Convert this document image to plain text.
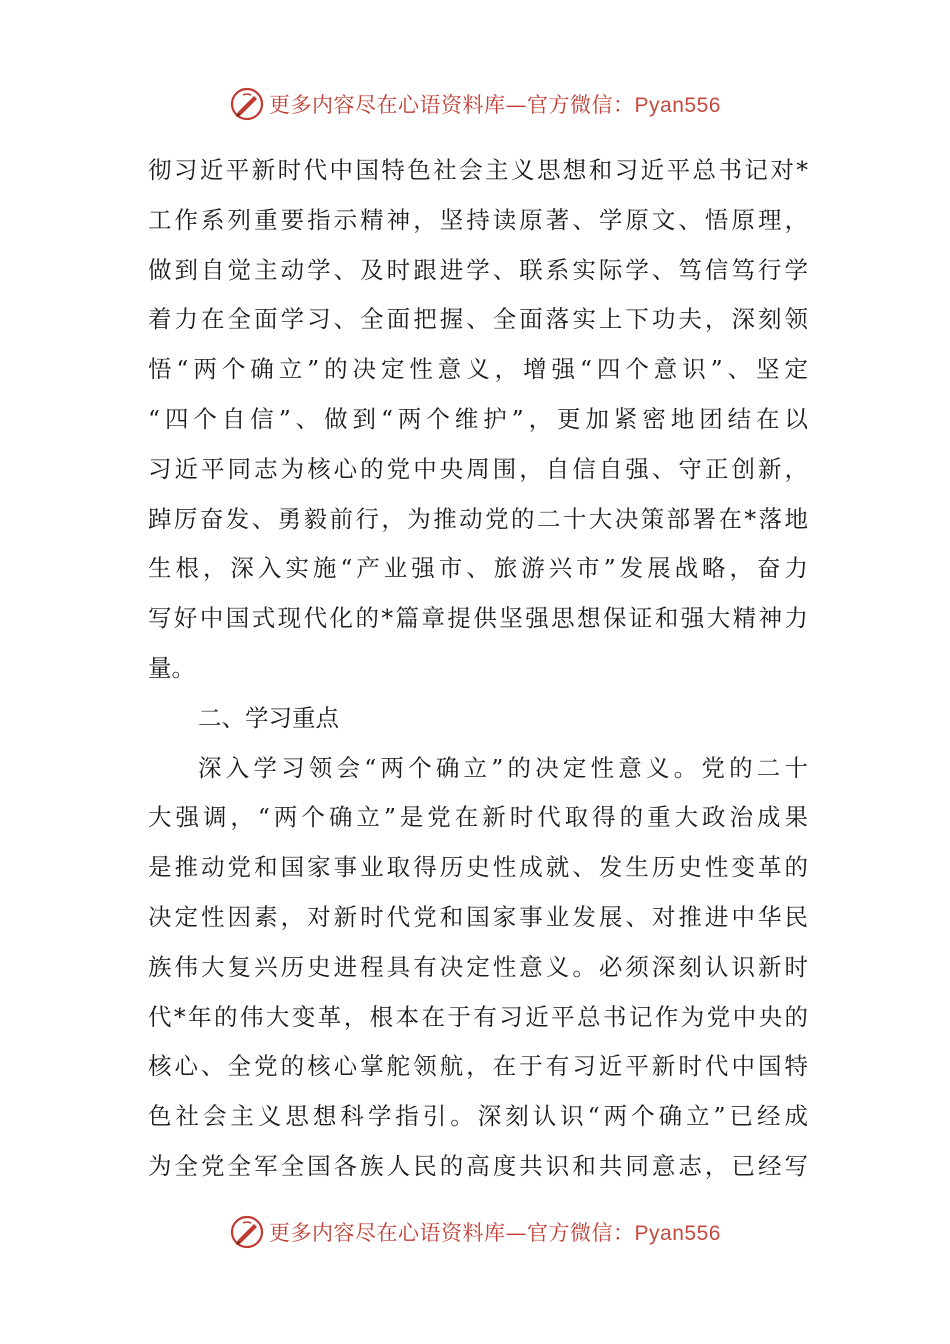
更多内容尽在心语资料库—官方微信：Pyan556
彻习近平新时代中国特色社会主义思想和习近平总书记对*
工作系列重要指示精神，坚持读原著、学原文、悟原理，
做到自觉主动学、及时跟进学、联系实际学、笃信笃行学
着力在全面学习、全面把握、全面落实上下功夫，深刻领
悟“两个确立”的决定性意义，增强“四个意识”、坚定
“四个自信”、做到“两个维护”，更加紧密地团结在以
习近平同志为核心的党中央周围，自信自强、守正创新，
踔厉奋发、勇毅前行，为推动党的二十大决策部署在*落地
生根，深入实施“产业强市、旅游兴市”发展战略，奋力
写好中国式现代化的*篇章提供坚强思想保证和强大精神力
量。
二、学习重点
深入学习领会“两个确立”的决定性意义。党的二十
大强调，“两个确立”是党在新时代取得的重大政治成果
是推动党和国家事业取得历史性成就、发生历史性变革的
决定性因素，对新时代党和国家事业发展、对推进中华民
族伟大复兴历史进程具有决定性意义。必须深刻认识新时
代*年的伟大变革，根本在于有习近平总书记作为党中央的
核心、全党的核心掌舵领航，在于有习近平新时代中国特
色社会主义思想科学指引。深刻认识“两个确立”已经成
为全党全军全国各族人民的高度共识和共同意志，已经写
更多内容尽在心语资料库—官方微信：Pyan556
